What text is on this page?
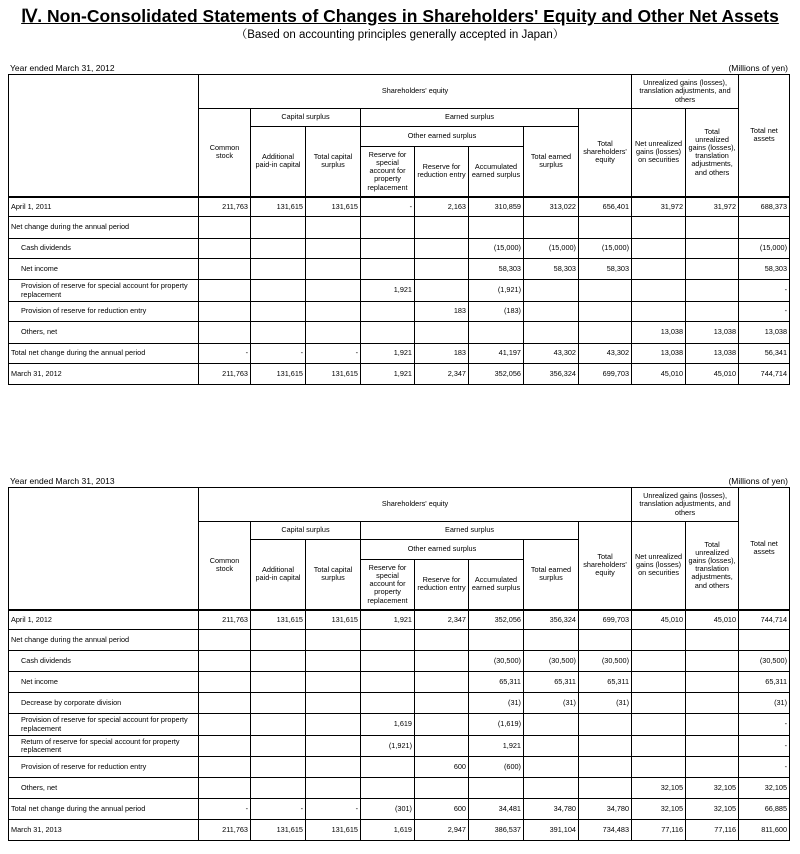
Ⅳ. Non-Consolidated Statements of Changes in Shareholders' Equity and Other Net Assets
（Based on accounting principles generally accepted in Japan）
Year ended March 31, 2012	(Millions of yen)
	Shareholders' equity								Unrealized gains (losses), translation adjustments, and others		Total net assets
	Common stock	Capital surplus		Earned surplus				Total shareholders' equity	Net unrealized gains (losses) on securities	Total unrealized gains (losses), translation adjustments, and others	
		Additional paid-in capital	Total capital surplus	Other earned surplus			Total earned surplus				
				Reserve for special account for property replacement	Reserve for reduction entry	Accumulated earned surplus					
April 1, 2011	211,763	131,615	131,615	-	2,163	310,859	313,022	656,401	31,972	31,972	688,373
Net change during the annual period											
Cash dividends						(15,000)	(15,000)	(15,000)			(15,000)
Net income						58,303	58,303	58,303			58,303
Provision of reserve for special account for property replacement				1,921		(1,921)					-
Provision of reserve for reduction entry					183	(183)					-
Others, net									13,038	13,038	13,038
Total net change during the annual period	-	-	-	1,921	183	41,197	43,302	43,302	13,038	13,038	56,341
March 31, 2012	211,763	131,615	131,615	1,921	2,347	352,056	356,324	699,703	45,010	45,010	744,714
Year ended March 31, 2013	(Millions of yen)
	Shareholders' equity								Unrealized gains (losses), translation adjustments, and others		Total net assets
	Common stock	Capital surplus		Earned surplus				Total shareholders' equity	Net unrealized gains (losses) on securities	Total unrealized gains (losses), translation adjustments, and others	
		Additional paid-in capital	Total capital surplus	Other earned surplus			Total earned surplus				
				Reserve for special account for property replacement	Reserve for reduction entry	Accumulated earned surplus					
April 1, 2012	211,763	131,615	131,615	1,921	2,347	352,056	356,324	699,703	45,010	45,010	744,714
Net change during the annual period											
Cash dividends						(30,500)	(30,500)	(30,500)			(30,500)
Net income						65,311	65,311	65,311			65,311
Decrease by corporate division						(31)	(31)	(31)			(31)
Provision of reserve for special account for property replacement				1,619		(1,619)					-
Return of reserve for special account for property replacement				(1,921)		1,921					-
Provision of reserve for reduction entry					600	(600)					-
Others, net									32,105	32,105	32,105
Total net change during the annual period	-	-	-	(301)	600	34,481	34,780	34,780	32,105	32,105	66,885
March 31, 2013	211,763	131,615	131,615	1,619	2,947	386,537	391,104	734,483	77,116	77,116	811,600
